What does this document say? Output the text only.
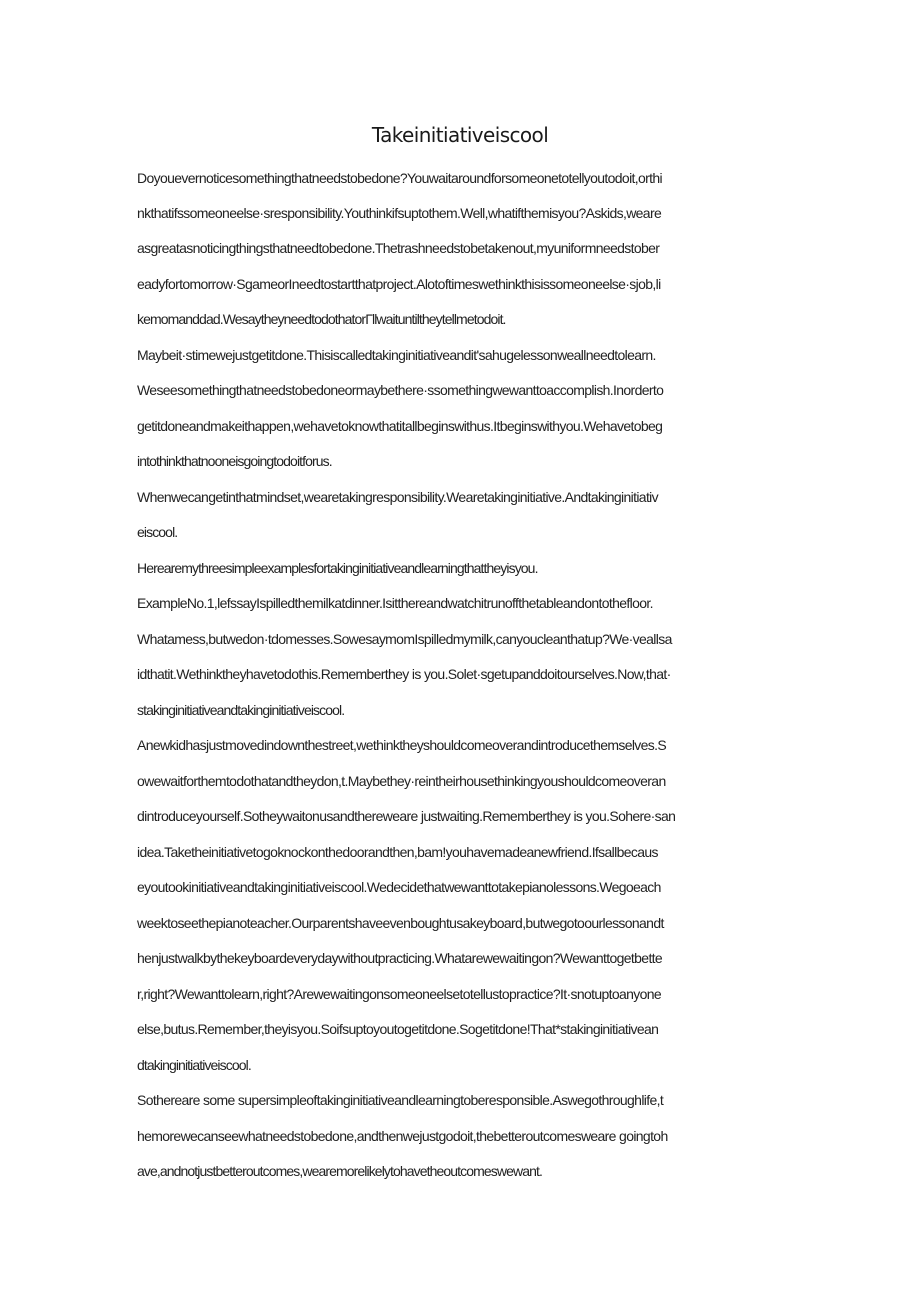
Takeinitiativeiscool
Doyouevernoticesomethingthatneedstobedone?Youwaitaroundforsomeonetotellyoutodoit,orthi
nkthatifssomeoneelse·sresponsibility.Youthinkifsuptothem.Well,whatifthemisyou?Askids,weare
asgreatasnoticingthingsthatneedtobedone.Thetrashneedstobetakenout,myuniformneedstober
eadyfortomorrow·SgameorIneedtostartthatproject.Alotoftimeswethinkthisissomeoneelse·sjob,li
kemomanddad.WesaytheyneedtodothatorΓllwaituntiltheytellmetodoit.
Maybeit·stimewejustgetitdone.Thisiscalledtakinginitiativeandit'sahugelessonweallneedtolearn.
Weseesomethingthatneedstobedoneormaybethere·ssomethingwewanttoaccomplish.Inorderto
getitdoneandmakeithappen,wehavetoknowthatitallbeginswithus.Itbeginswithyou.Wehavetobeg
intothinkthatnooneisgoingtodoitforus.
Whenwecangetinthatmindset,wearetakingresponsibility.Wearetakinginitiative.Andtakinginitiativ
eiscool.
Herearemythreesimpleexamplesfortakinginitiativeandlearningthattheyisyou.
ExampleNo.1,lefssayIspilledthemilkatdinner.Isitthereandwatchitrunoffthetableandontothefloor.
Whatamess,butwedon·tdomesses.SowesaymomIspilledmymilk,canyoucleanthatup?We·veallsa
idthatit.Wethinktheyhavetodothis.Rememberthey is you.Solet·sgetupanddoitourselves.Now,that·
stakinginitiativeandtakinginitiativeiscool.
Anewkidhasjustmovedindownthestreet,wethinktheyshouldcomeoverandintroducethemselves.S
owewaitforthemtodothatandtheydon,t.Maybethey·reintheirhousethinkingyoushouldcomeoveran
dintroduceyourself.Sotheywaitonusandthereweare justwaiting.Rememberthey is you.Sohere·san
idea.Taketheinitiativetogoknockonthedoorandthen,bam!youhavemadeanewfriend.Ifsallbecaus
eyoutookinitiativeandtakinginitiativeiscool.Wedecidethatwewanttotakepianolessons.Wegoeach
weektoseethepianoteacher.Ourparentshaveevenboughtusakeyboard,butwegotoourlessonandt
henjustwalkbythekeyboardeverydaywithoutpracticing.Whatarewewaitingon?Wewanttogetbette
r,right?Wewanttolearn,right?Arewewaitingonsomeoneelsetotellustopractice?It·snotuptoanyone
else,butus.Remember,theyisyou.Soifsuptoyoutogetitdone.Sogetitdone!That*stakinginitiativean
dtakinginitiativeiscool.
Sothereare some supersimpleoftakinginitiativeandlearningtoberesponsible.Aswegothroughlife,t
hemorewecanseewhatneedstobedone,andthenwejustgodoit,thebetteroutcomesweare goingtoh
ave,andnotjustbetteroutcomes,wearemorelikelytohavetheoutcomeswewant.
